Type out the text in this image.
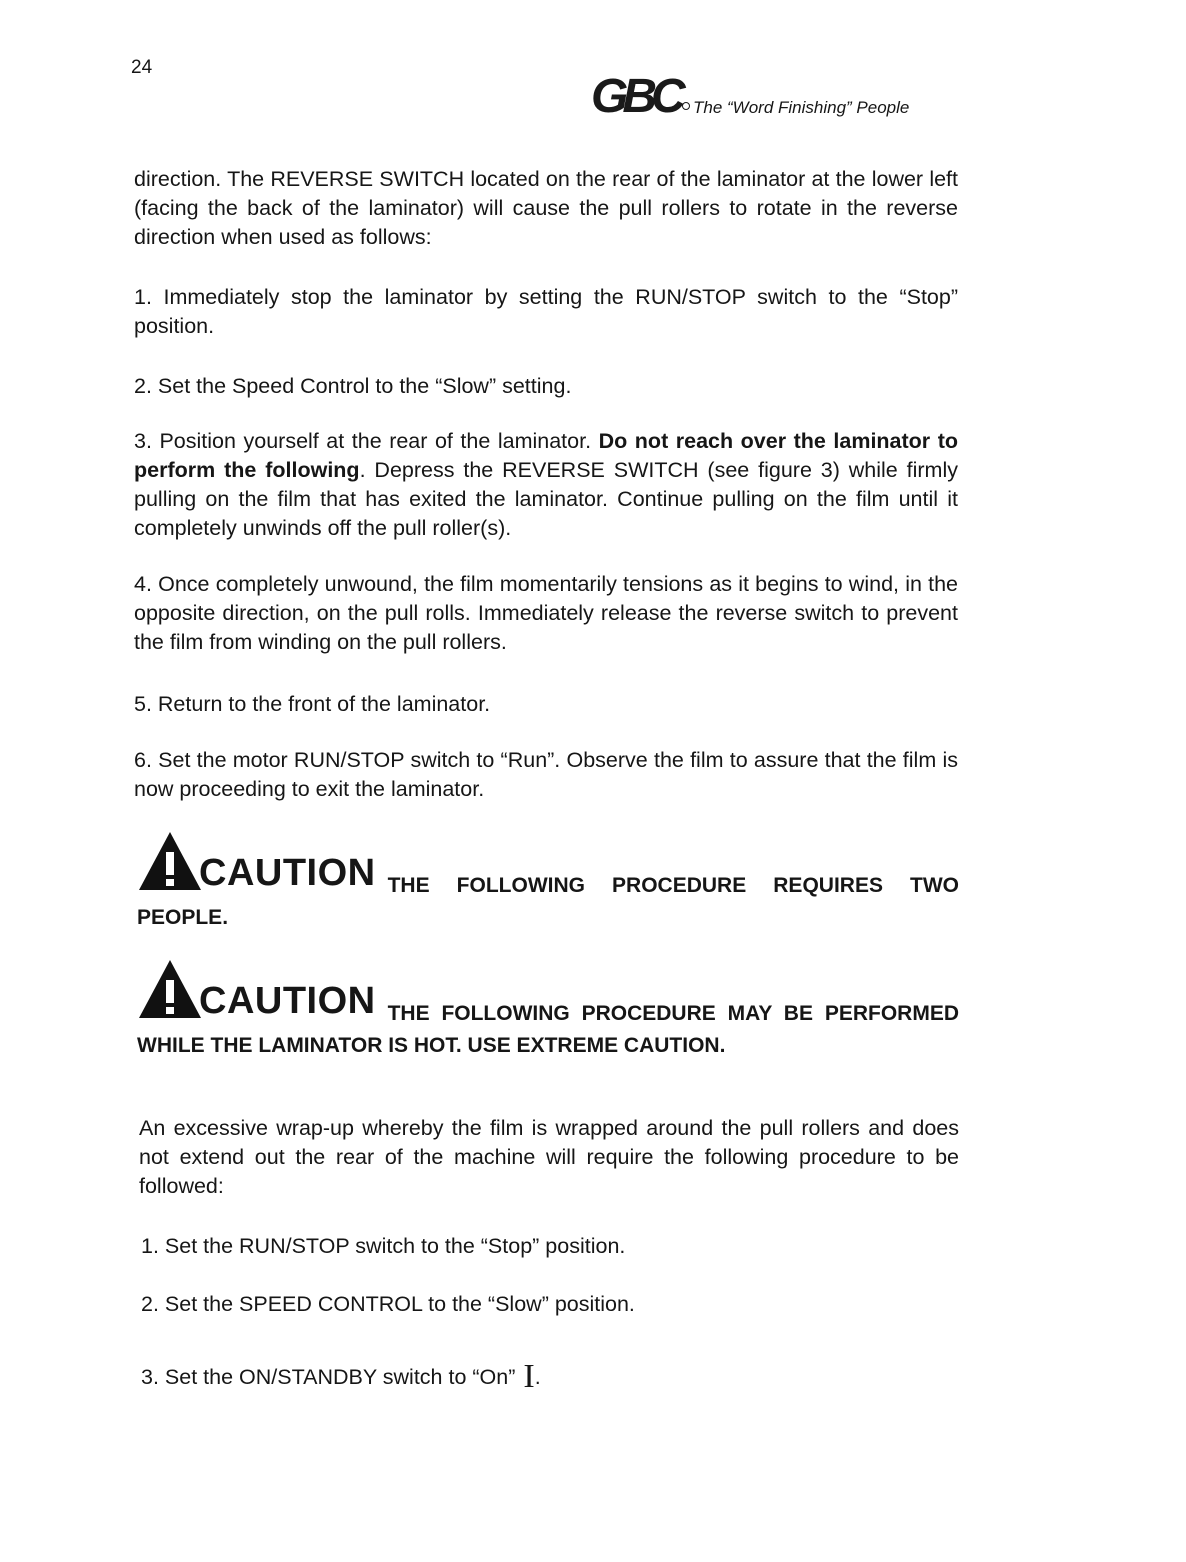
24
GBC The “Word Finishing” People

direction. The REVERSE SWITCH located on the rear of the laminator at the lower left (facing the back of the laminator) will cause the pull rollers to rotate in the reverse direction when used as follows:

1. Immediately stop the laminator by setting the RUN/STOP switch to the “Stop” position.

2. Set the Speed Control to the “Slow” setting.

3. Position yourself at the rear of the laminator. Do not reach over the laminator to perform the following. Depress the REVERSE SWITCH (see figure 3) while firmly pulling on the film that has exited the laminator. Continue pulling on the film until it completely unwinds off the pull roller(s).

4. Once completely unwound, the film momentarily tensions as it begins to wind, in the opposite direction, on the pull rolls. Immediately release the reverse switch to prevent the film from winding on the pull rollers.

5. Return to the front of the laminator.

6. Set the motor RUN/STOP switch to “Run”. Observe the film to assure that the film is now proceeding to exit the laminator.

CAUTION THE FOLLOWING PROCEDURE REQUIRES TWO PEOPLE.
CAUTION THE FOLLOWING PROCEDURE MAY BE PERFORMED WHILE THE LAMINATOR IS HOT. USE EXTREME CAUTION.

An excessive wrap-up whereby the film is wrapped around the pull rollers and does not extend out the rear of the machine will require the following procedure to be followed:

1. Set the RUN/STOP switch to the “Stop” position.

2. Set the SPEED CONTROL to the “Slow” position.

3. Set the ON/STANDBY switch to “On” I.
